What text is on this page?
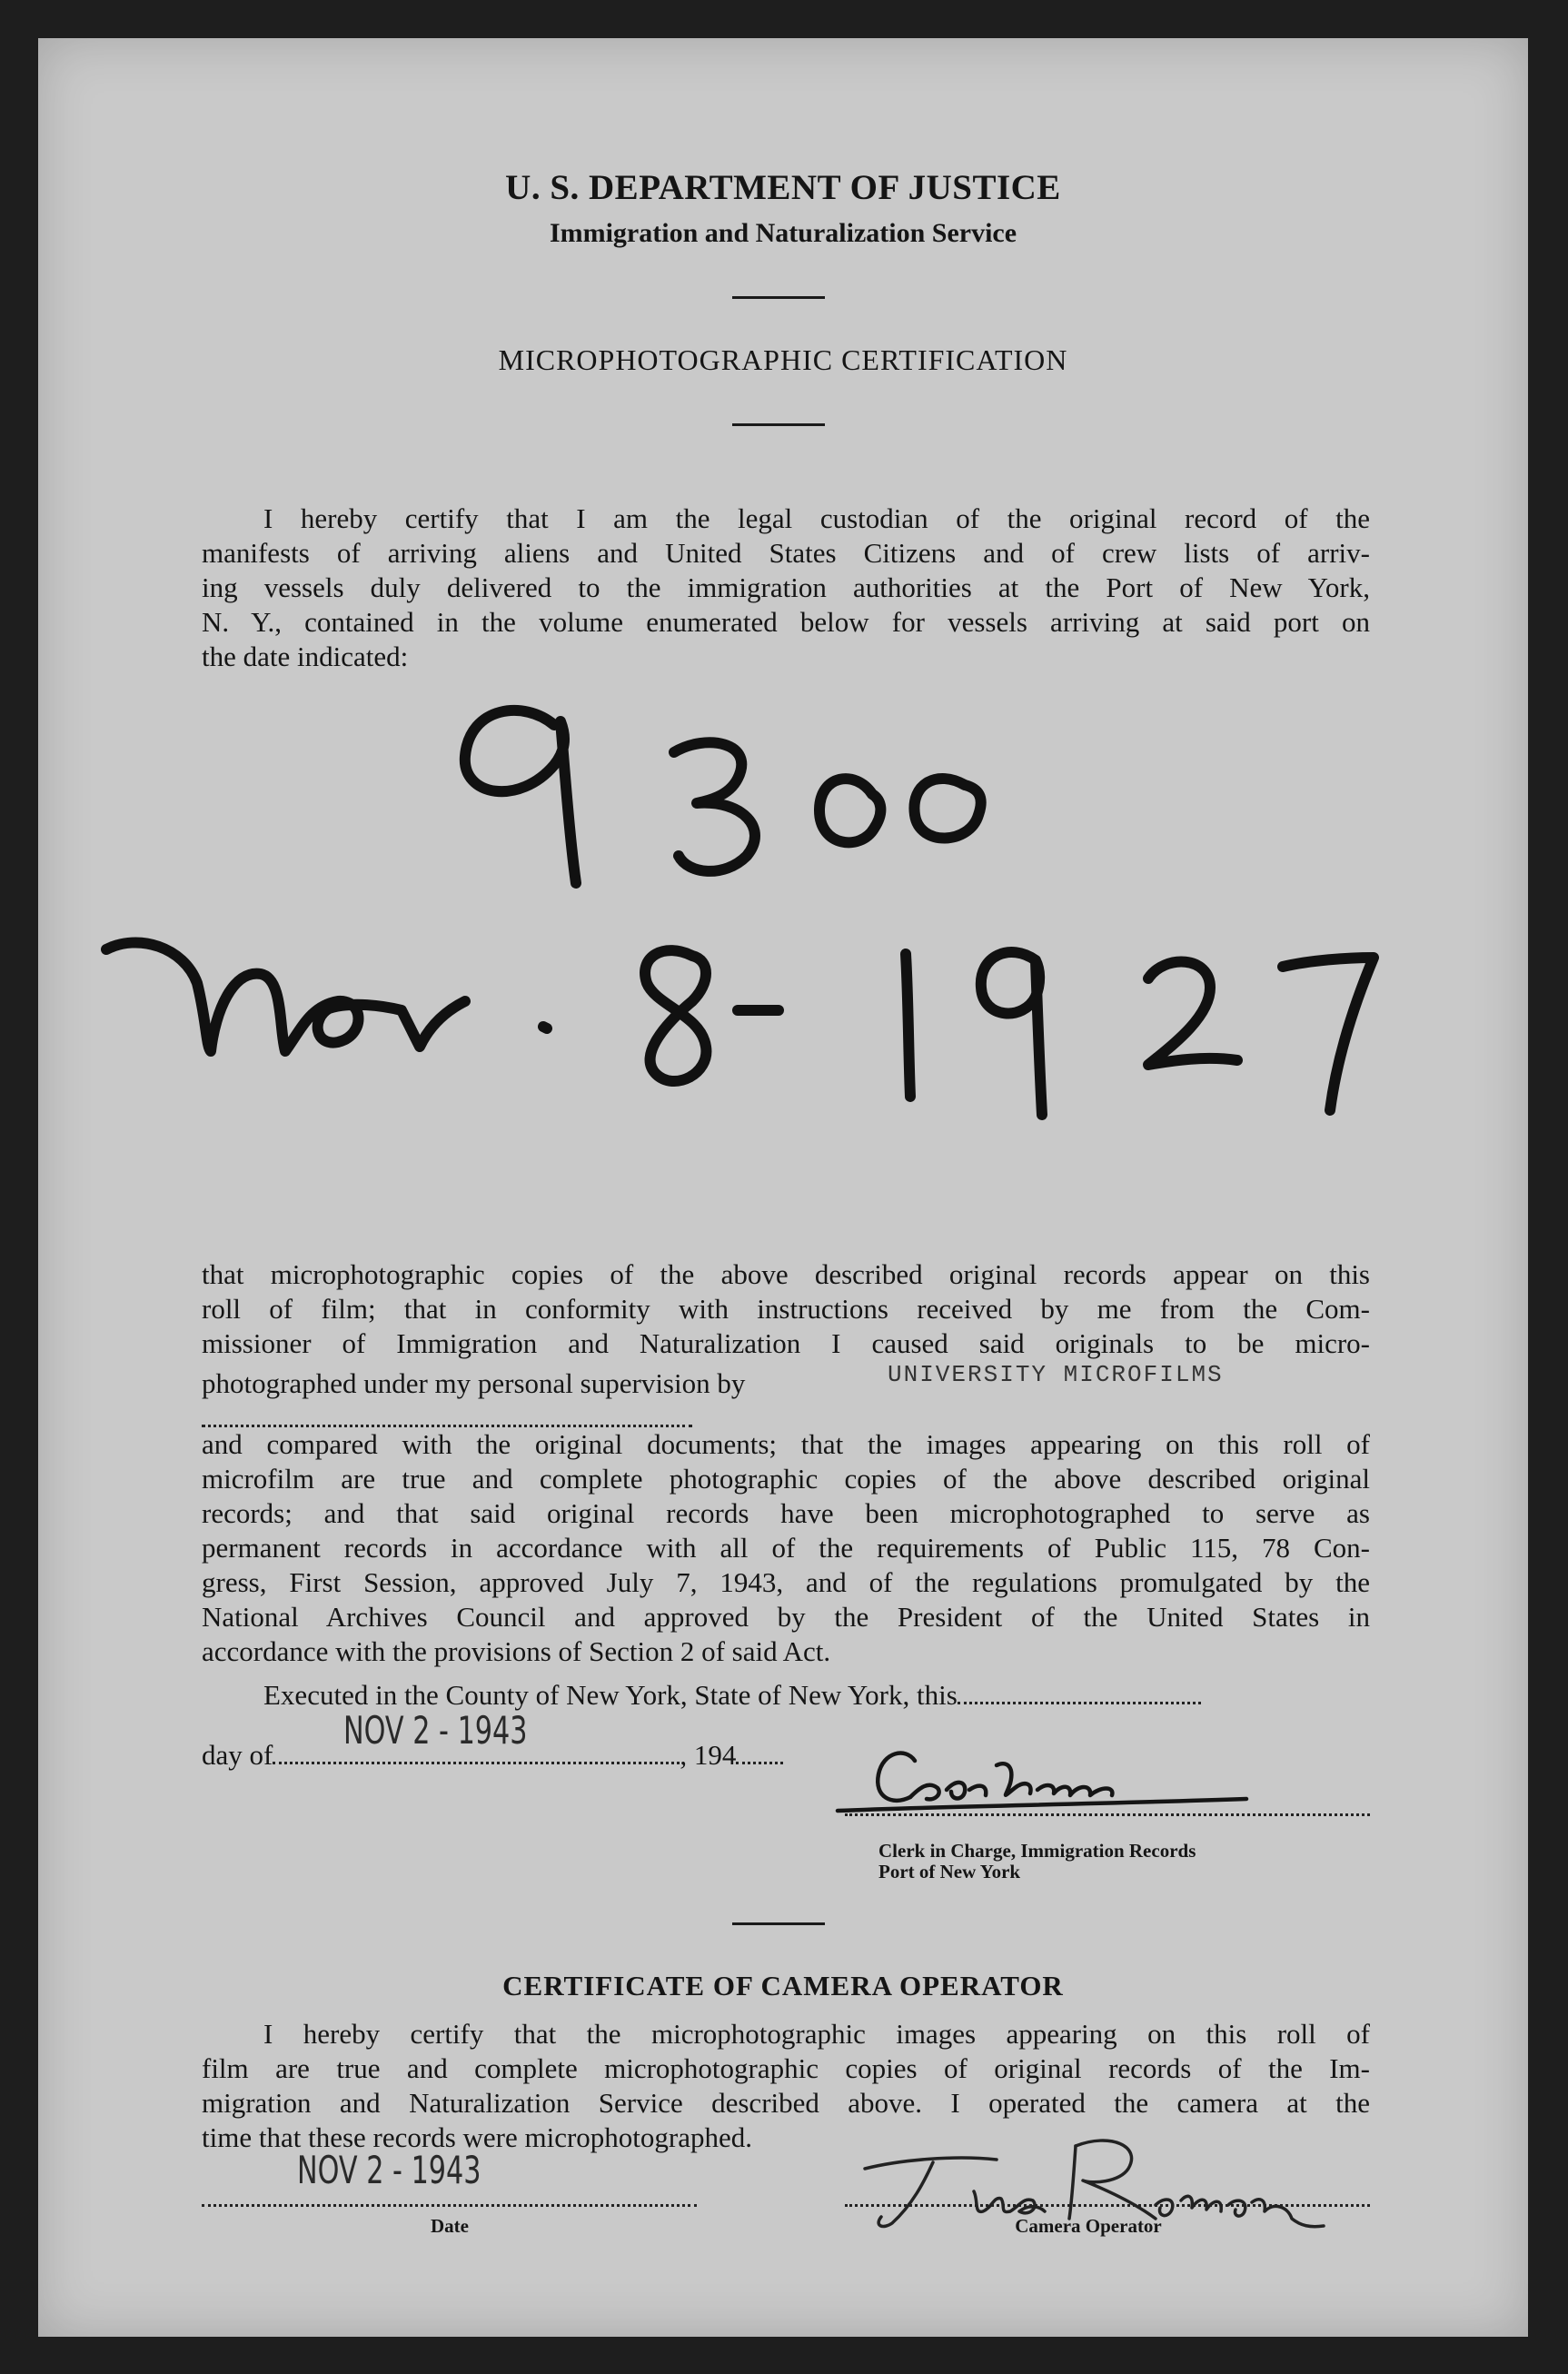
U. S. DEPARTMENT OF JUSTICE
Immigration and Naturalization Service
MICROPHOTOGRAPHIC CERTIFICATION
I hereby certify that I am the legal custodian of the original record of the
manifests of arriving aliens and United States Citizens and of crew lists of arriv-
ing vessels duly delivered to the immigration authorities at the Port of New York,
N. Y., contained in the volume enumerated below for vessels arriving at said port on
the date indicated:
that microphotographic copies of the above described original records appear on this
roll of film; that in conformity with instructions received by me from the Com-
missioner of Immigration and Naturalization I caused said originals to be micro-
photographed under my personal supervision by
and compared with the original documents; that the images appearing on this roll of
microfilm are true and complete photographic copies of the above described original
records; and that said original records have been microphotographed to serve as
permanent records in accordance with all of the requirements of Public 115, 78 Con-
gress, First Session, approved July 7, 1943, and of the regulations promulgated by the
National Archives Council and approved by the President of the United States in
accordance with the provisions of Section 2 of said Act.
UNIVERSITY MICROFILMS
Executed in the County of New York, State of New York, this
day of	, 194
NOV 2 - 1943
Clerk in Charge, Immigration Records
Port of New York
CERTIFICATE OF CAMERA OPERATOR
I hereby certify that the microphotographic images appearing on this roll of
film are true and complete microphotographic copies of original records of the Im-
migration and Naturalization Service described above. I operated the camera at the
time that these records were microphotographed.
NOV 2 - 1943
Date	Camera Operator
